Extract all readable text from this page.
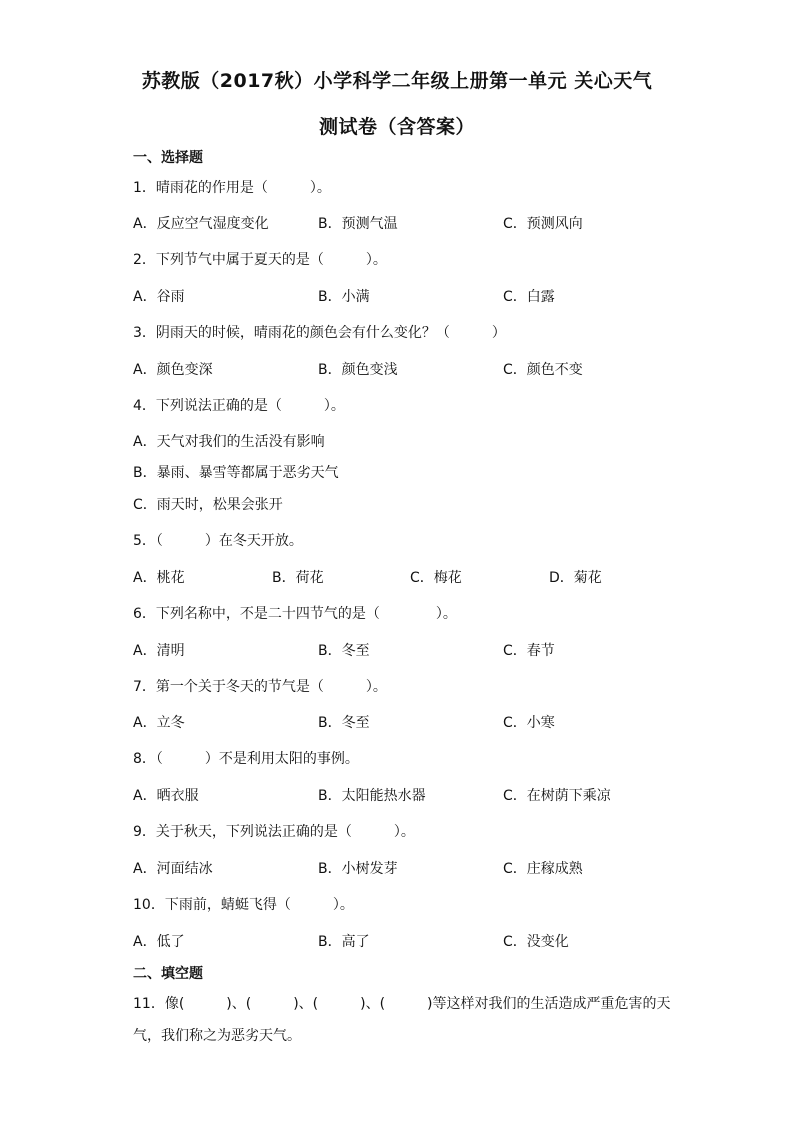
苏教版（2017秋）小学科学二年级上册第一单元 关心天气
测试卷（含答案）
一、选择题
1．晴雨花的作用是（　　　）。
A．反应空气湿度变化	B．预测气温	C．预测风向
2．下列节气中属于夏天的是（　　　）。
A．谷雨	B．小满	C．白露
3．阴雨天的时候，晴雨花的颜色会有什么变化？（　　　）
A．颜色变深	B．颜色变浅	C．颜色不变
4．下列说法正确的是（　　　）。
A．天气对我们的生活没有影响
B．暴雨、暴雪等都属于恶劣天气
C．雨天时，松果会张开
5．（　　　）在冬天开放。
A．桃花	B．荷花	C．梅花	D．菊花
6．下列名称中，不是二十四节气的是（　　　　）。
A．清明	B．冬至	C．春节
7．第一个关于冬天的节气是（　　　）。
A．立冬	B．冬至	C．小寒
8．（　　　）不是利用太阳的事例。
A．晒衣服	B．太阳能热水器	C．在树荫下乘凉
9．关于秋天，下列说法正确的是（　　　）。
A．河面结冰	B．小树发芽	C．庄稼成熟
10．下雨前，蜻蜓飞得（　　　）。
A．低了	B．高了	C．没变化
二、填空题
11．像(　　　)、(　　　)、(　　　)、(　　　)等这样对我们的生活造成严重危害的天
气，我们称之为恶劣天气。
